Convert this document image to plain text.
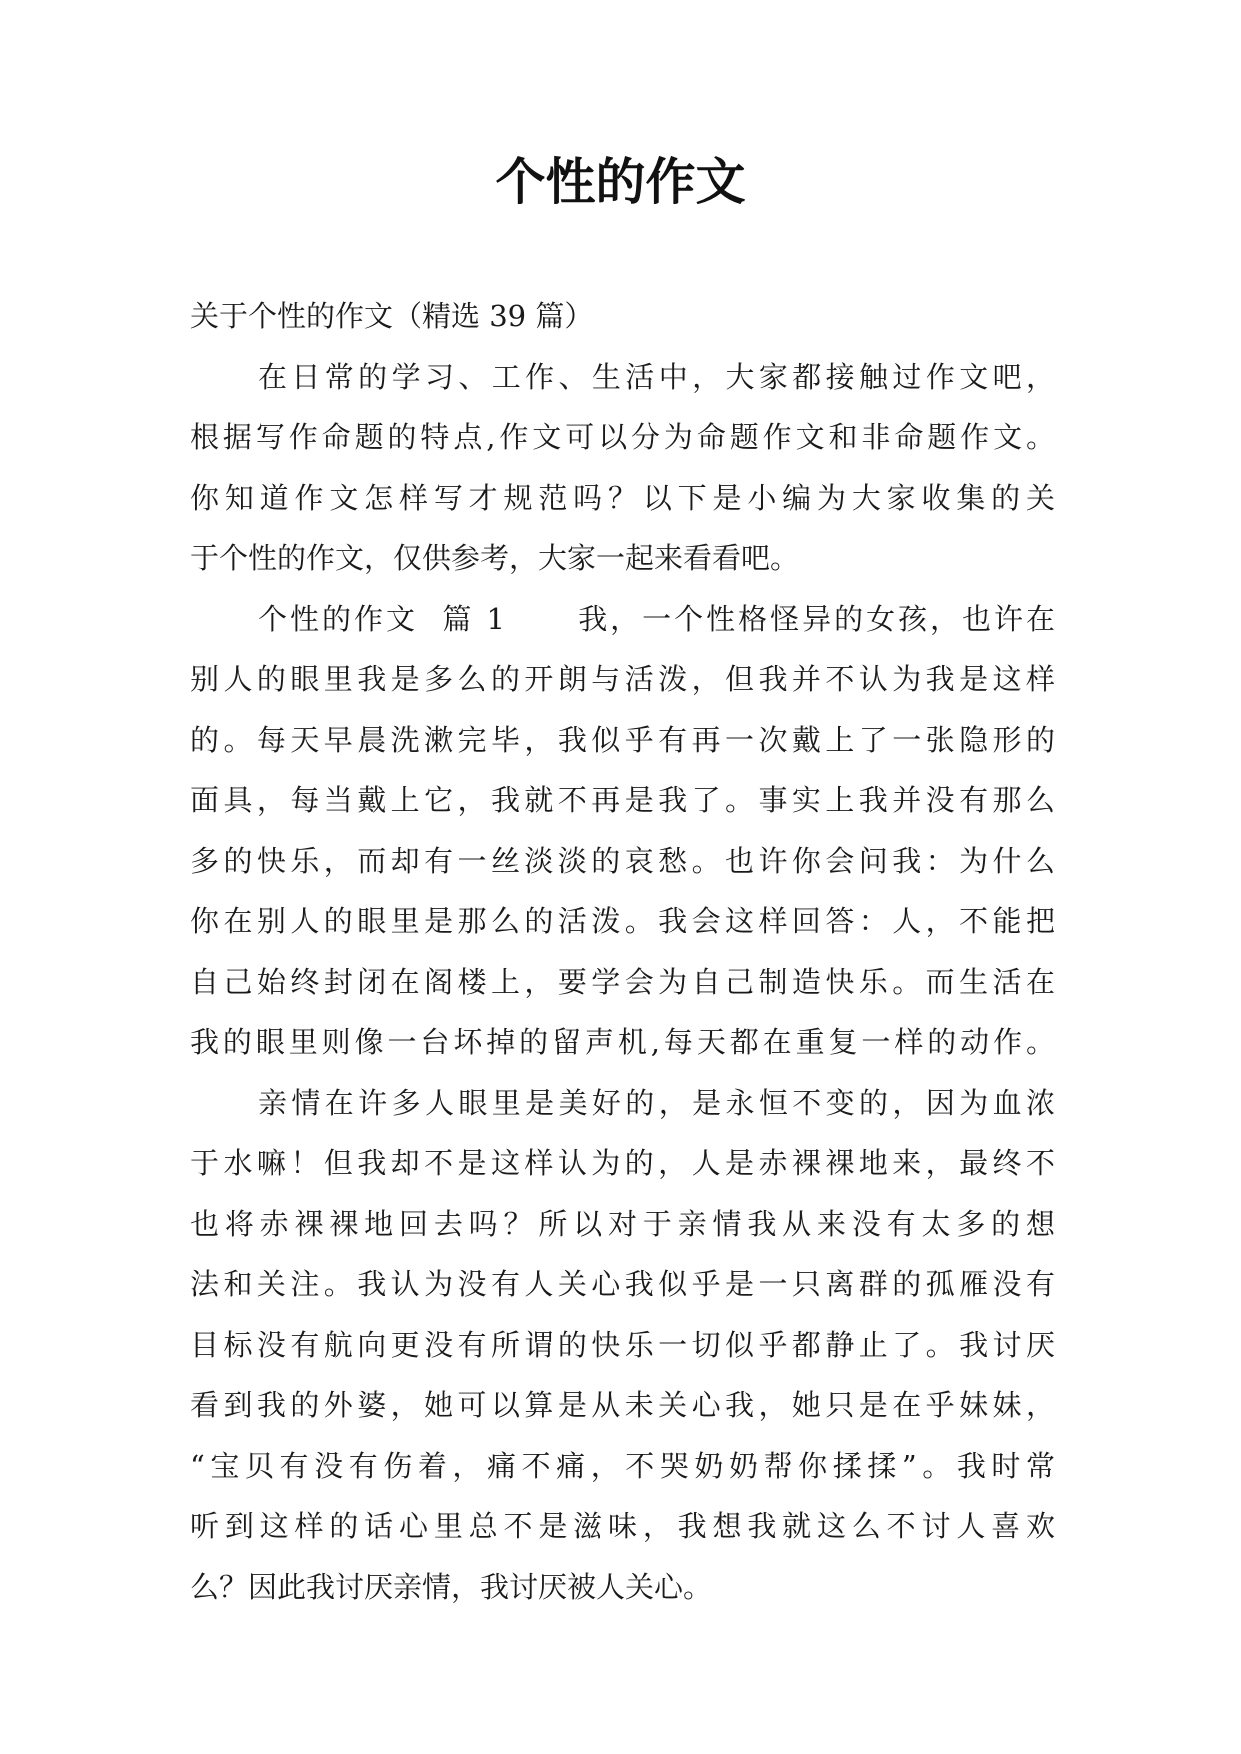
个性的作文
关于个性的作文（精选 39 篇）
在日常的学习、工作、生活中，大家都接触过作文吧，
根据写作命题的特点,作文可以分为命题作文和非命题作文。
你知道作文怎样写才规范吗？以下是小编为大家收集的关
于个性的作文，仅供参考，大家一起来看看吧。
个性的作文  篇 1      我，一个性格怪异的女孩，也许在
别人的眼里我是多么的开朗与活泼，但我并不认为我是这样
的。每天早晨洗漱完毕，我似乎有再一次戴上了一张隐形的
面具，每当戴上它，我就不再是我了。事实上我并没有那么
多的快乐，而却有一丝淡淡的哀愁。也许你会问我：为什么
你在别人的眼里是那么的活泼。我会这样回答：人，不能把
自己始终封闭在阁楼上，要学会为自己制造快乐。而生活在
我的眼里则像一台坏掉的留声机,每天都在重复一样的动作。
亲情在许多人眼里是美好的，是永恒不变的，因为血浓
于水嘛！但我却不是这样认为的，人是赤裸裸地来，最终不
也将赤裸裸地回去吗？所以对于亲情我从来没有太多的想
法和关注。我认为没有人关心我似乎是一只离群的孤雁没有
目标没有航向更没有所谓的快乐一切似乎都静止了。我讨厌
看到我的外婆，她可以算是从未关心我，她只是在乎妹妹，
“宝贝有没有伤着，痛不痛，不哭奶奶帮你揉揉”。我时常
听到这样的话心里总不是滋味，我想我就这么不讨人喜欢
么？因此我讨厌亲情，我讨厌被人关心。
